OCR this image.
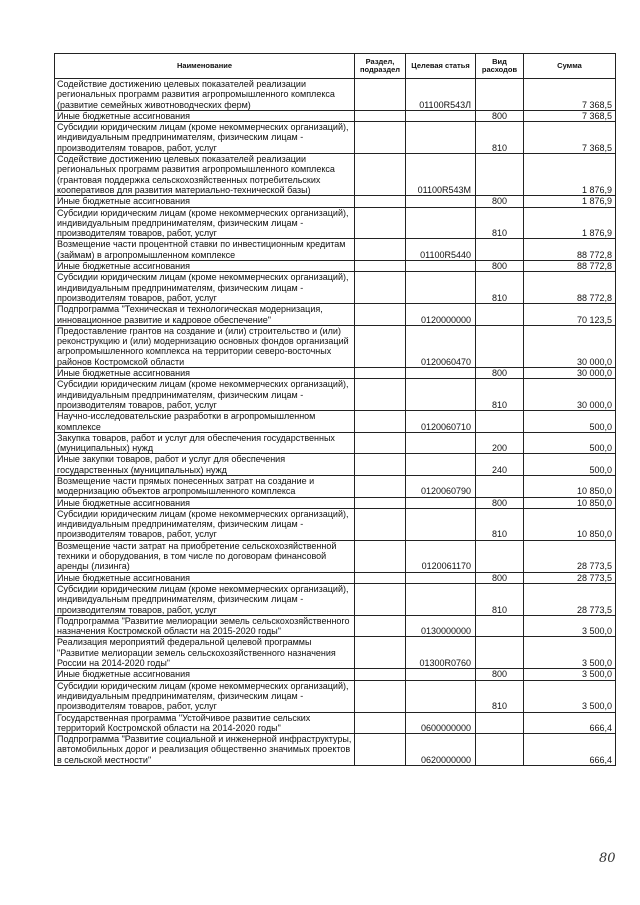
Наименование	Раздел, подраздел	Целевая статья	Вид расходов	Сумма
Содействие достижению целевых показателей реализации региональных программ развития агропромышленного комплекса (развитие семейных животноводческих ферм)		01100R543Л		7 368,5
Иные бюджетные ассигнования			800	7 368,5
Субсидии юридическим лицам (кроме некоммерческих организаций), индивидуальным предпринимателям, физическим лицам - производителям товаров, работ, услуг			810	7 368,5
Содействие достижению целевых показателей реализации региональных программ развития агропромышленного комплекса (грантовая поддержка сельскохозяйственных потребительских кооперативов для развития материально-технической базы)		01100R543M		1 876,9
Иные бюджетные ассигнования			800	1 876,9
Субсидии юридическим лицам (кроме некоммерческих организаций), индивидуальным предпринимателям, физическим лицам - производителям товаров, работ, услуг			810	1 876,9
Возмещение части процентной ставки по инвестиционным кредитам (займам) в агропромышленном комплексе		01100R5440		88 772,8
Иные бюджетные ассигнования			800	88 772,8
Субсидии юридическим лицам (кроме некоммерческих организаций), индивидуальным предпринимателям, физическим лицам - производителям товаров, работ, услуг			810	88 772,8
Подпрограмма "Техническая и технологическая модернизация, инновационное развитие и кадровое обеспечение"		0120000000		70 123,5
Предоставление грантов на создание и (или) строительство и (или) реконструкцию и (или) модернизацию основных фондов организаций агропромышленного комплекса на территории северо-восточных районов Костромской области		0120060470		30 000,0
Иные бюджетные ассигнования			800	30 000,0
Субсидии юридическим лицам (кроме некоммерческих организаций), индивидуальным предпринимателям, физическим лицам - производителям товаров, работ, услуг			810	30 000,0
Научно-исследовательские разработки в агропромышленном комплексе		0120060710		500,0
Закупка товаров, работ и услуг для обеспечения государственных (муниципальных) нужд			200	500,0
Иные закупки товаров, работ и услуг для обеспечения государственных (муниципальных) нужд			240	500,0
Возмещение части прямых понесенных затрат на создание и модернизацию объектов агропромышленного комплекса		0120060790		10 850,0
Иные бюджетные ассигнования			800	10 850,0
Субсидии юридическим лицам (кроме некоммерческих организаций), индивидуальным предпринимателям, физическим лицам - производителям товаров, работ, услуг			810	10 850,0
Возмещение части затрат на приобретение сельскохозяйственной техники и оборудования, в том числе по договорам финансовой аренды (лизинга)		0120061170		28 773,5
Иные бюджетные ассигнования			800	28 773,5
Субсидии юридическим лицам (кроме некоммерческих организаций), индивидуальным предпринимателям, физическим лицам - производителям товаров, работ, услуг			810	28 773,5
Подпрограмма "Развитие мелиорации земель сельскохозяйственного назначения Костромской области на 2015-2020 годы"		0130000000		3 500,0
Реализация мероприятий федеральной целевой программы "Развитие мелиорации земель сельскохозяйственного назначения России на 2014-2020 годы"		01300R0760		3 500,0
Иные бюджетные ассигнования			800	3 500,0
Субсидии юридическим лицам (кроме некоммерческих организаций), индивидуальным предпринимателям, физическим лицам - производителям товаров, работ, услуг			810	3 500,0
Государственная программа "Устойчивое развитие сельских территорий Костромской области на 2014-2020 годы"		0600000000		666,4
Подпрограмма "Развитие социальной и инженерной инфраструктуры, автомобильных дорог и реализация общественно значимых проектов в сельской местности"		0620000000		666,4
80
